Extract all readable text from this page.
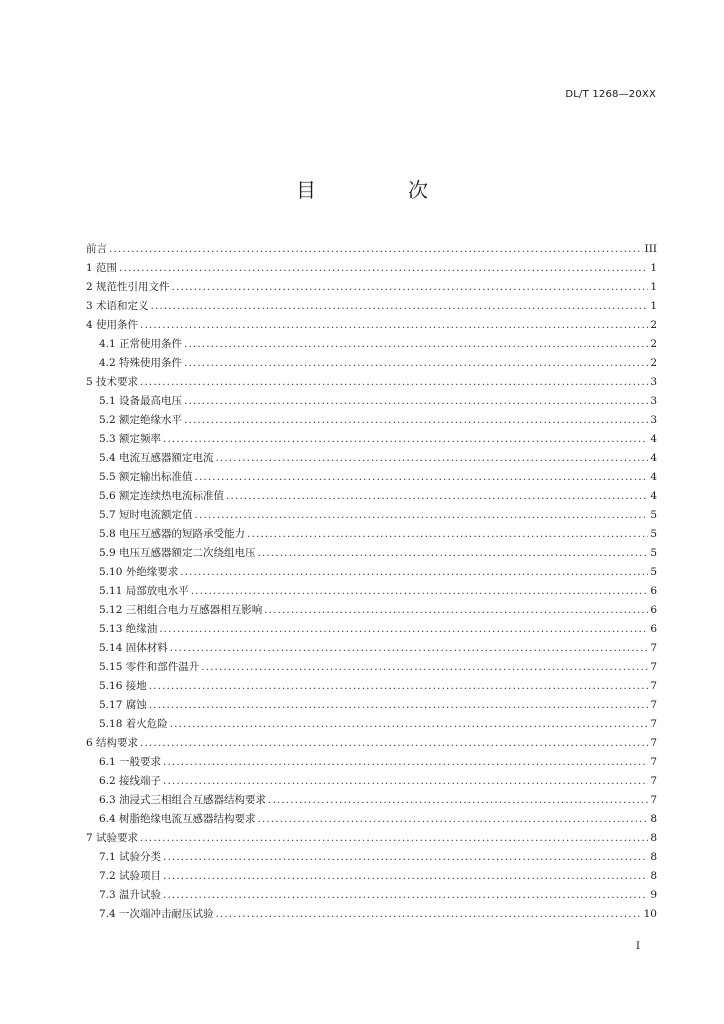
DL/T 1268—20XX
目　次
前言 .....	III
1 范围 .....	1
2 规范性引用文件 .....	1
3 术语和定义 .....	1
4 使用条件 .....	2
4.1 正常使用条件 .....	2
4.2 特殊使用条件 .....	2
5 技术要求 .....	3
5.1 设备最高电压 .....	3
5.2 额定绝缘水平 .....	3
5.3 额定频率 .....	4
5.4 电流互感器额定电流 .....	4
5.5 额定输出标准值 .....	4
5.6 额定连续热电流标准值 .....	4
5.7 短时电流额定值 .....	5
5.8 电压互感器的短路承受能力 .....	5
5.9 电压互感器额定二次绕组电压 .....	5
5.10 外绝缘要求 .....	5
5.11 局部放电水平 .....	6
5.12 三相组合电力互感器相互影响 .....	6
5.13 绝缘油 .....	6
5.14 固体材料 .....	7
5.15 零件和部件温升 .....	7
5.16 接地 .....	7
5.17 腐蚀 .....	7
5.18 着火危险 .....	7
6 结构要求 .....	7
6.1 一般要求 .....	7
6.2 接线端子 .....	7
6.3 油浸式三相组合互感器结构要求 .....	7
6.4 树脂绝缘电流互感器结构要求 .....	8
7 试验要求 .....	8
7.1 试验分类 .....	8
7.2 试验项目 .....	8
7.3 温升试验 .....	9
7.4 一次端冲击耐压试验 .....	10
I
